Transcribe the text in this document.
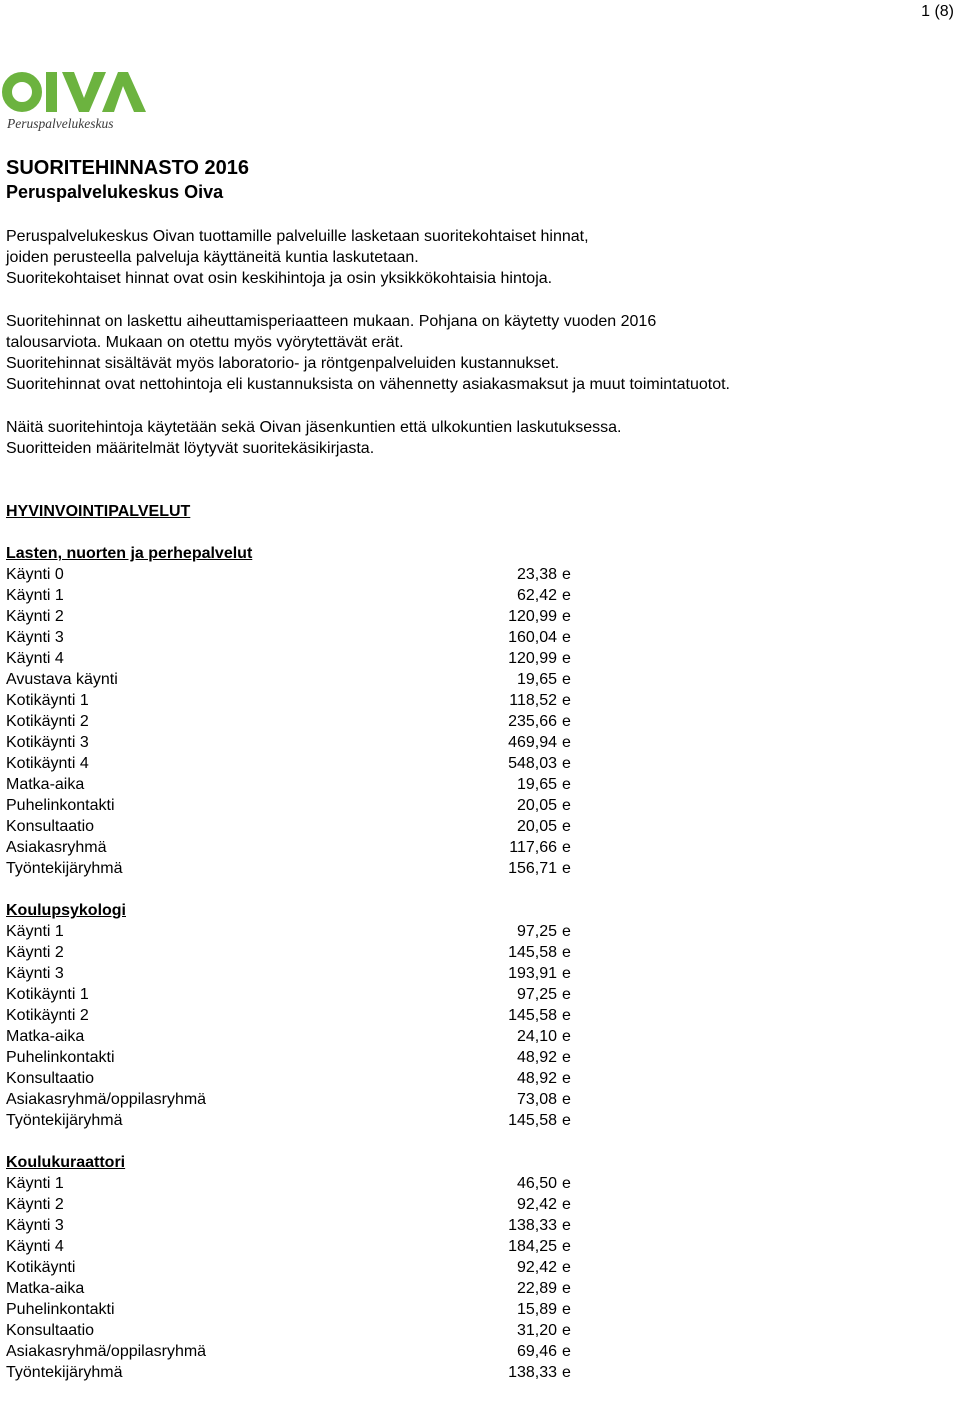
1 (8)
Peruspalvelukeskus
SUORITEHINNASTO 2016
Peruspalvelukeskus Oiva
Peruspalvelukeskus Oivan tuottamille palveluille lasketaan suoritekohtaiset hinnat,
joiden perusteella palveluja käyttäneitä kuntia laskutetaan.
Suoritekohtaiset hinnat ovat osin keskihintoja ja osin yksikkökohtaisia hintoja.
Suoritehinnat on laskettu aiheuttamisperiaatteen mukaan. Pohjana on käytetty vuoden 2016
talousarviota. Mukaan on otettu myös vyörytettävät erät.
Suoritehinnat sisältävät myös laboratorio- ja röntgenpalveluiden kustannukset.
Suoritehinnat ovat nettohintoja eli kustannuksista on vähennetty asiakasmaksut ja muut toimintatuotot.
Näitä suoritehintoja käytetään sekä Oivan jäsenkuntien että ulkokuntien laskutuksessa.
Suoritteiden määritelmät löytyvät suoritekäsikirjasta.
HYVINVOINTIPALVELUT
Lasten, nuorten ja perhepalvelut
Käynti 0	23,38 e
Käynti 1	62,42 e
Käynti 2	120,99 e
Käynti 3	160,04 e
Käynti 4	120,99 e
Avustava käynti	19,65 e
Kotikäynti 1	118,52 e
Kotikäynti 2	235,66 e
Kotikäynti 3	469,94 e
Kotikäynti 4	548,03 e
Matka-aika	19,65 e
Puhelinkontakti	20,05 e
Konsultaatio	20,05 e
Asiakasryhmä	117,66 e
Työntekijäryhmä	156,71 e
Koulupsykologi
Käynti 1	97,25 e
Käynti 2	145,58 e
Käynti 3	193,91 e
Kotikäynti 1	97,25 e
Kotikäynti 2	145,58 e
Matka-aika	24,10 e
Puhelinkontakti	48,92 e
Konsultaatio	48,92 e
Asiakasryhmä/oppilasryhmä	73,08 e
Työntekijäryhmä	145,58 e
Koulukuraattori
Käynti 1	46,50 e
Käynti 2	92,42 e
Käynti 3	138,33 e
Käynti 4	184,25 e
Kotikäynti	92,42 e
Matka-aika	22,89 e
Puhelinkontakti	15,89 e
Konsultaatio	31,20 e
Asiakasryhmä/oppilasryhmä	69,46 e
Työntekijäryhmä	138,33 e
